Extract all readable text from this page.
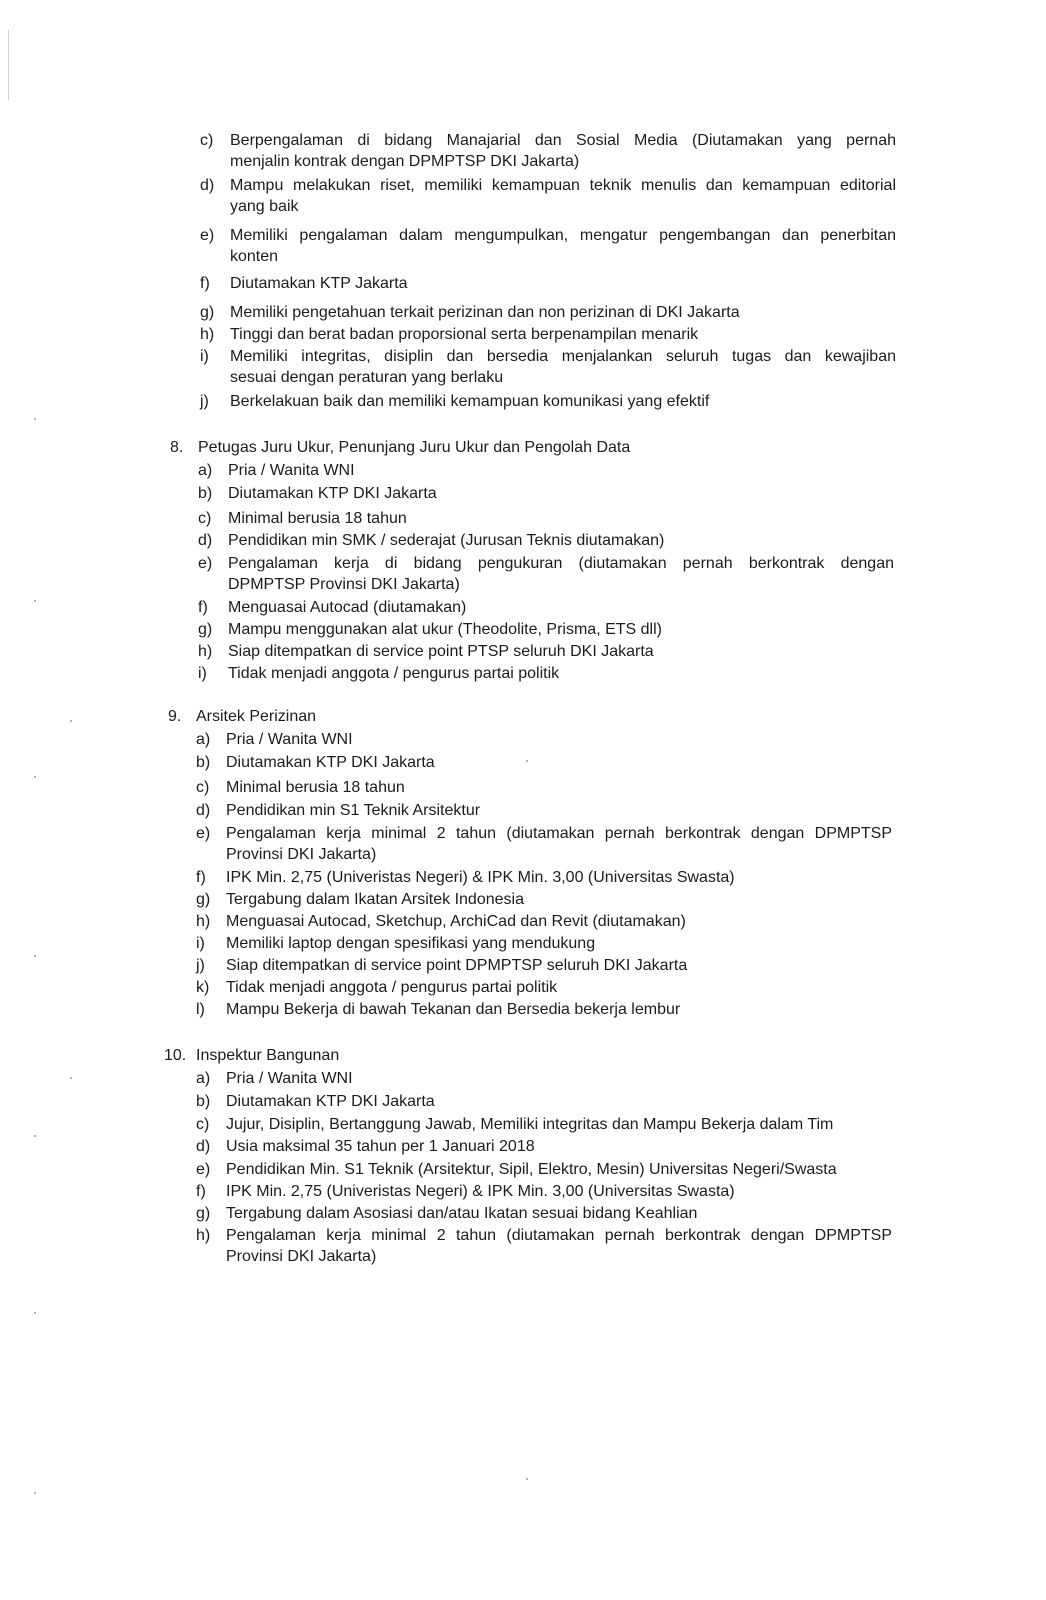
c)	Berpengalaman di bidang Manajarial dan Sosial Media (Diutamakan yang pernah
menjalin kontrak dengan DPMPTSP DKI Jakarta)
d) Mampu melakukan riset, memiliki kemampuan teknik menulis dan kemampuan editorial
yang baik
e) Memiliki pengalaman dalam mengumpulkan, mengatur pengembangan dan penerbitan
konten
f)	Diutamakan KTP Jakarta
g) Memiliki pengetahuan terkait perizinan dan non perizinan di DKI Jakarta
h) Tinggi dan berat badan proporsional serta berpenampilan menarik
i)	Memiliki integritas, disiplin dan bersedia menjalankan seluruh tugas dan kewajiban
sesuai dengan peraturan yang berlaku
j)	Berkelakuan baik dan memiliki kemampuan komunikasi yang efektif
8. Petugas Juru Ukur, Penunjang Juru Ukur dan Pengolah Data
a) Pria / Wanita WNI
b) Diutamakan KTP DKI Jakarta
c)	Minimal berusia 18 tahun
d) Pendidikan min SMK / sederajat (Jurusan Teknis diutamakan)
e) Pengalaman kerja di bidang pengukuran (diutamakan pernah berkontrak dengan
DPMPTSP Provinsi DKI Jakarta)
f)	Menguasai Autocad (diutamakan)
g) Mampu menggunakan alat ukur (Theodolite, Prisma, ETS dll)
h) Siap ditempatkan di service point PTSP seluruh DKI Jakarta
i)	Tidak menjadi anggota / pengurus partai politik
9. Arsitek Perizinan
a) Pria / Wanita WNI
b) Diutamakan KTP DKI Jakarta
c)	Minimal berusia 18 tahun
d) Pendidikan min S1 Teknik Arsitektur
e) Pengalaman kerja minimal 2 tahun (diutamakan pernah berkontrak dengan DPMPTSP
Provinsi DKI Jakarta)
f)	IPK Min. 2,75 (Univeristas Negeri) & IPK Min. 3,00 (Universitas Swasta)
g) Tergabung dalam Ikatan Arsitek Indonesia
h) Menguasai Autocad, Sketchup, ArchiCad dan Revit (diutamakan)
i)	Memiliki laptop dengan spesifikasi yang mendukung
j)	Siap ditempatkan di service point DPMPTSP seluruh DKI Jakarta
k)	Tidak menjadi anggota / pengurus partai politik
l)	Mampu Bekerja di bawah Tekanan dan Bersedia bekerja lembur
10. Inspektur Bangunan
a) Pria / Wanita WNI
b) Diutamakan KTP DKI Jakarta
c)	Jujur, Disiplin, Bertanggung Jawab, Memiliki integritas dan Mampu Bekerja dalam Tim
d) Usia maksimal 35 tahun per 1 Januari 2018
e) Pendidikan Min. S1 Teknik (Arsitektur, Sipil, Elektro, Mesin) Universitas Negeri/Swasta
f)	IPK Min. 2,75 (Univeristas Negeri) & IPK Min. 3,00 (Universitas Swasta)
g) Tergabung dalam Asosiasi dan/atau Ikatan sesuai bidang Keahlian
h) Pengalaman kerja minimal 2 tahun (diutamakan pernah berkontrak dengan DPMPTSP
Provinsi DKI Jakarta)
